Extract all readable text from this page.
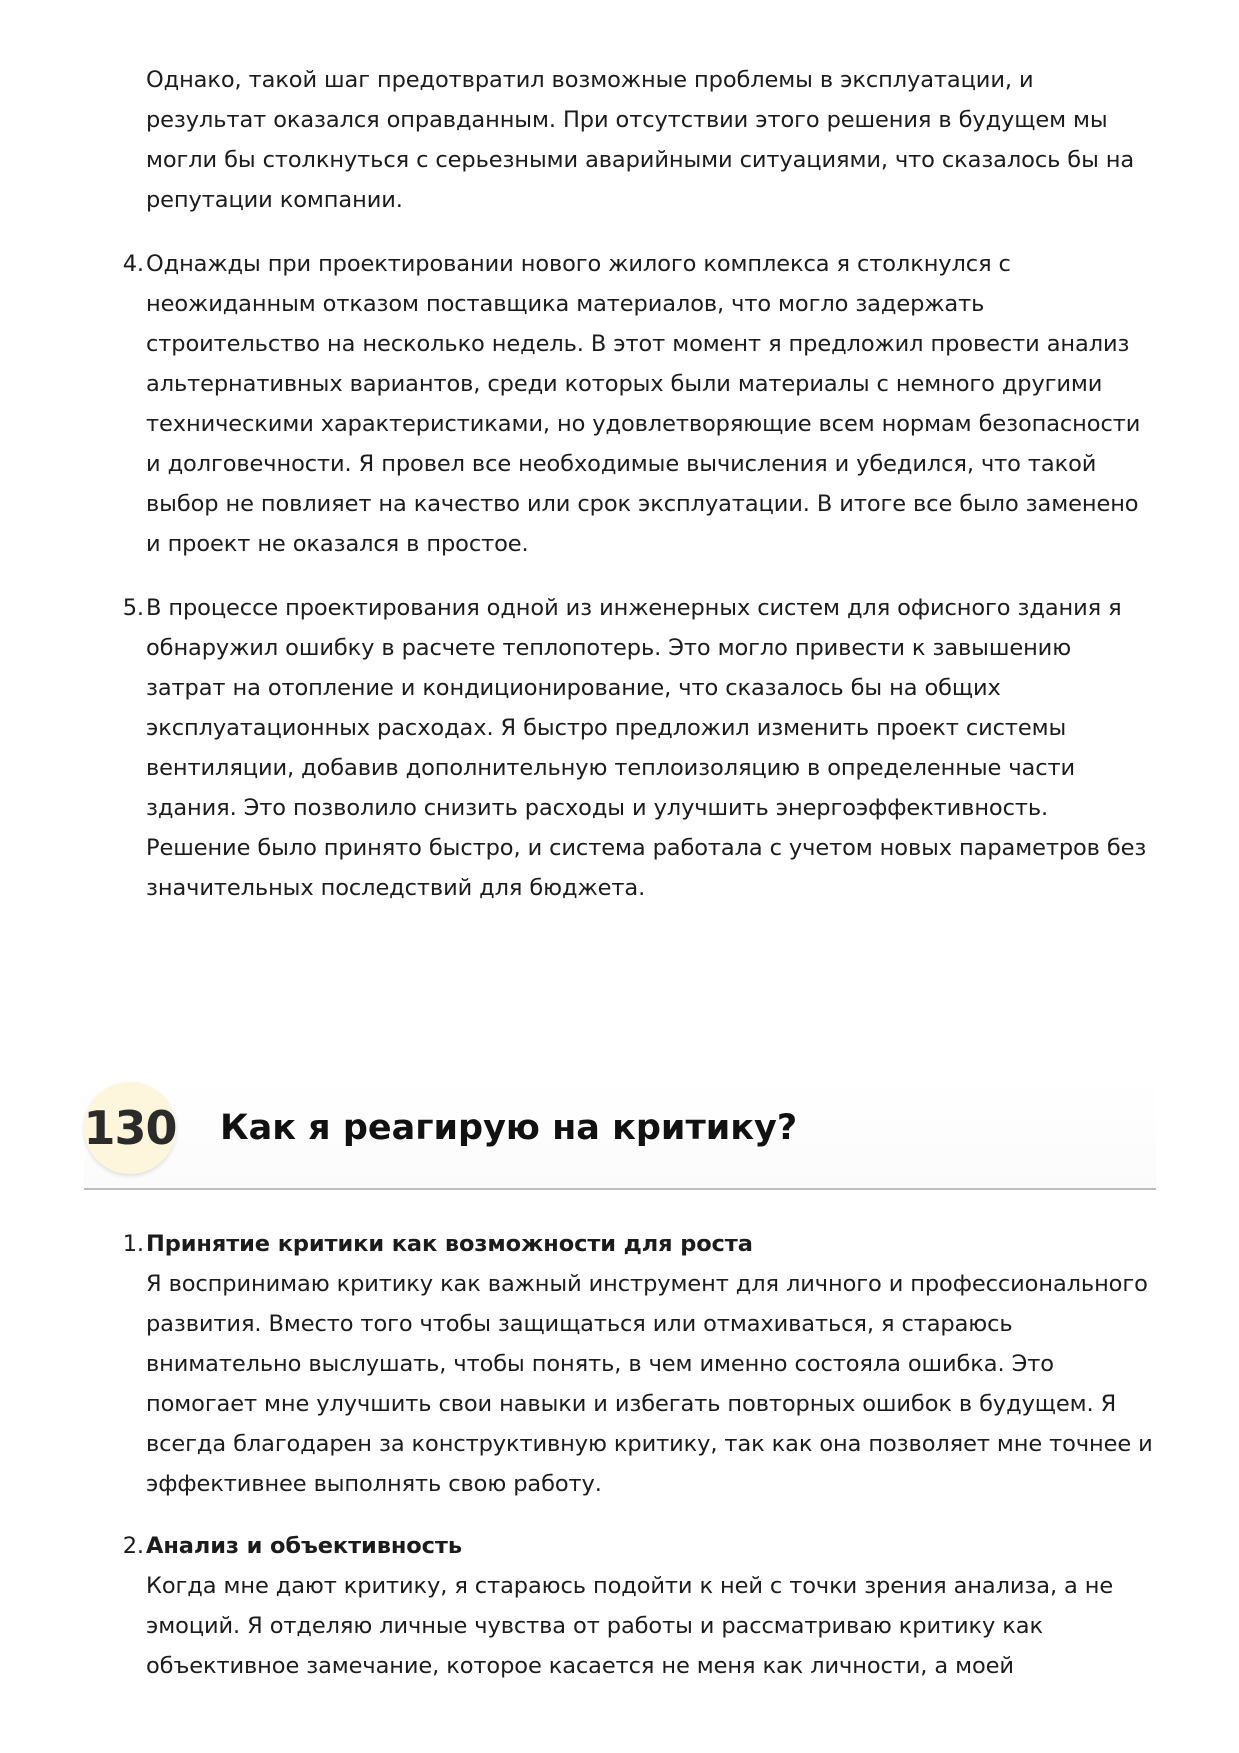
Однако, такой шаг предотвратил возможные проблемы в эксплуатации, и результат оказался оправданным. При отсутствии этого решения в будущем мы могли бы столкнуться с серьезными аварийными ситуациями, что сказалось бы на репутации компании.

4. Однажды при проектировании нового жилого комплекса я столкнулся с неожиданным отказом поставщика материалов, что могло задержать строительство на несколько недель. В этот момент я предложил провести анализ альтернативных вариантов, среди которых были материалы с немного другими техническими характеристиками, но удовлетворяющие всем нормам безопасности и долговечности. Я провел все необходимые вычисления и убедился, что такой выбор не повлияет на качество или срок эксплуатации. В итоге все было заменено и проект не оказался в простое.
5. В процессе проектирования одной из инженерных систем для офисного здания я обнаружил ошибку в расчете теплопотерь. Это могло привести к завышению затрат на отопление и кондиционирование, что сказалось бы на общих эксплуатационных расходах. Я быстро предложил изменить проект системы вентиляции, добавив дополнительную теплоизоляцию в определенные части здания. Это позволило снизить расходы и улучшить энергоэффективность. Решение было принято быстро, и система работала с учетом новых параметров без значительных последствий для бюджета.
130 Как я реагирую на критику?
1. Принятие критики как возможности для роста
Я воспринимаю критику как важный инструмент для личного и профессионального развития. Вместо того чтобы защищаться или отмахиваться, я стараюсь внимательно выслушать, чтобы понять, в чем именно состояла ошибка. Это помогает мне улучшить свои навыки и избегать повторных ошибок в будущем. Я всегда благодарен за конструктивную критику, так как она позволяет мне точнее и эффективнее выполнять свою работу.
2. Анализ и объективность
Когда мне дают критику, я стараюсь подойти к ней с точки зрения анализа, а не эмоций. Я отделяю личные чувства от работы и рассматриваю критику как объективное замечание, которое касается не меня как личности, а моей
